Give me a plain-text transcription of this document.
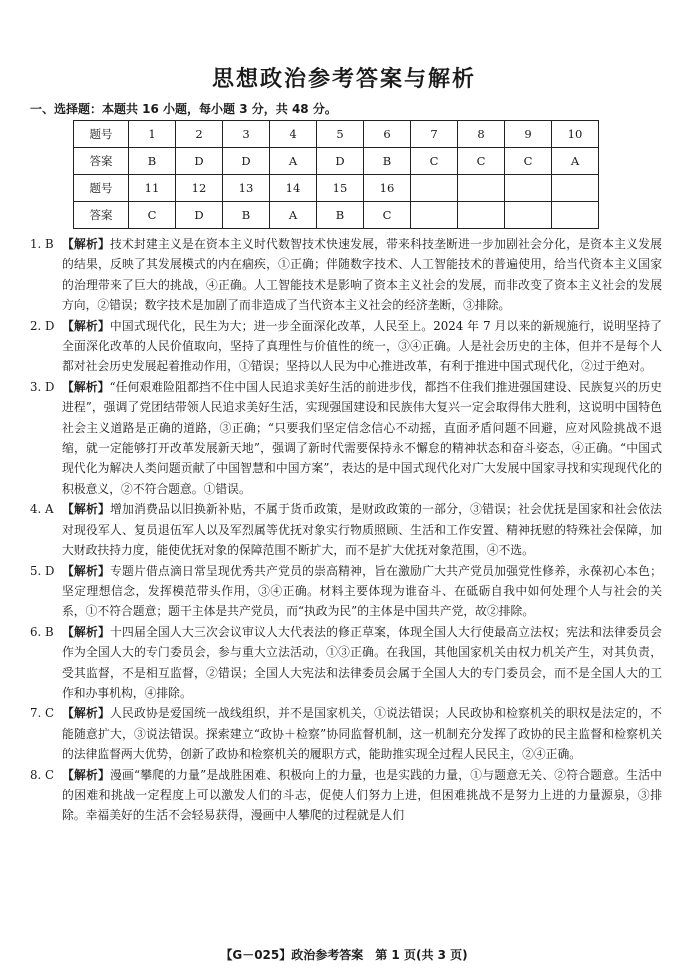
思想政治参考答案与解析
一、选择题：本题共 16 小题，每小题 3 分，共 48 分。
题号	1	2	3	4	5	6	7	8	9	10
答案	B	D	D	A	D	B	C	C	C	A
题号	11	12	13	14	15	16				
答案	C	D	B	A	B	C				
1. B 【解析】技术封建主义是在资本主义时代数智技术快速发展，带来科技垄断进一步加剧社会分化，是资本主义发展的结果，反映了其发展模式的内在痼疾，①正确；伴随数字技术、人工智能技术的普遍使用，给当代资本主义国家的治理带来了巨大的挑战，④正确。人工智能技术是影响了资本主义社会的发展，而非改变了资本主义社会的发展方向，②错误；数字技术是加剧了而非造成了当代资本主义社会的经济垄断，③排除。
2. D 【解析】中国式现代化，民生为大；进一步全面深化改革，人民至上。2024 年 7 月以来的新规施行，说明坚持了全面深化改革的人民价值取向，坚持了真理性与价值性的统一，③④正确。人是社会历史的主体，但并不是每个人都对社会历史发展起着推动作用，①错误；坚持以人民为中心推进改革，有利于推进中国式现代化，②过于绝对。
3. D 【解析】“任何艰难险阻都挡不住中国人民追求美好生活的前进步伐，都挡不住我们推进强国建设、民族复兴的历史进程”，强调了党团结带领人民追求美好生活，实现强国建设和民族伟大复兴一定会取得伟大胜利，这说明中国特色社会主义道路是正确的道路，③正确；“只要我们坚定信念信心不动摇，直面矛盾问题不回避，应对风险挑战不退缩，就一定能够打开改革发展新天地”，强调了新时代需要保持永不懈怠的精神状态和奋斗姿态，④正确。“中国式现代化为解决人类问题贡献了中国智慧和中国方案”，表达的是中国式现代化对广大发展中国家寻找和实现现代化的积极意义，②不符合题意。①错误。
4. A 【解析】增加消费品以旧换新补贴，不属于货币政策，是财政政策的一部分，③错误；社会优抚是国家和社会依法对现役军人、复员退伍军人以及军烈属等优抚对象实行物质照顾、生活和工作安置、精神抚慰的特殊社会保障，加大财政扶持力度，能使优抚对象的保障范围不断扩大，而不是扩大优抚对象范围，④不选。
5. D 【解析】专题片借点滴日常呈现优秀共产党员的崇高精神，旨在激励广大共产党员加强党性修养，永葆初心本色；坚定理想信念，发挥模范带头作用，③④正确。材料主要体现为谁奋斗、在砥砺自我中如何处理个人与社会的关系，①不符合题意；题干主体是共产党员，而“执政为民”的主体是中国共产党，故②排除。
6. B 【解析】十四届全国人大三次会议审议人大代表法的修正草案，体现全国人大行使最高立法权；宪法和法律委员会作为全国人大的专门委员会，参与重大立法活动，①③正确。在我国，其他国家机关由权力机关产生，对其负责，受其监督，不是相互监督，②错误；全国人大宪法和法律委员会属于全国人大的专门委员会，而不是全国人大的工作和办事机构，④排除。
7. C 【解析】人民政协是爱国统一战线组织，并不是国家机关，①说法错误；人民政协和检察机关的职权是法定的，不能随意扩大，③说法错误。探索建立“政协＋检察”协同监督机制，这一机制充分发挥了政协的民主监督和检察机关的法律监督两大优势，创新了政协和检察机关的履职方式，能助推实现全过程人民民主，②④正确。
8. C 【解析】漫画“攀爬的力量”是战胜困难、积极向上的力量，也是实践的力量，①与题意无关、②符合题意。生活中的困难和挑战一定程度上可以激发人们的斗志，促使人们努力上进，但困难挑战不是努力上进的力量源泉，③排除。幸福美好的生活不会轻易获得，漫画中人攀爬的过程就是人们
【G－025】政治参考答案　第 1 页(共 3 页)
